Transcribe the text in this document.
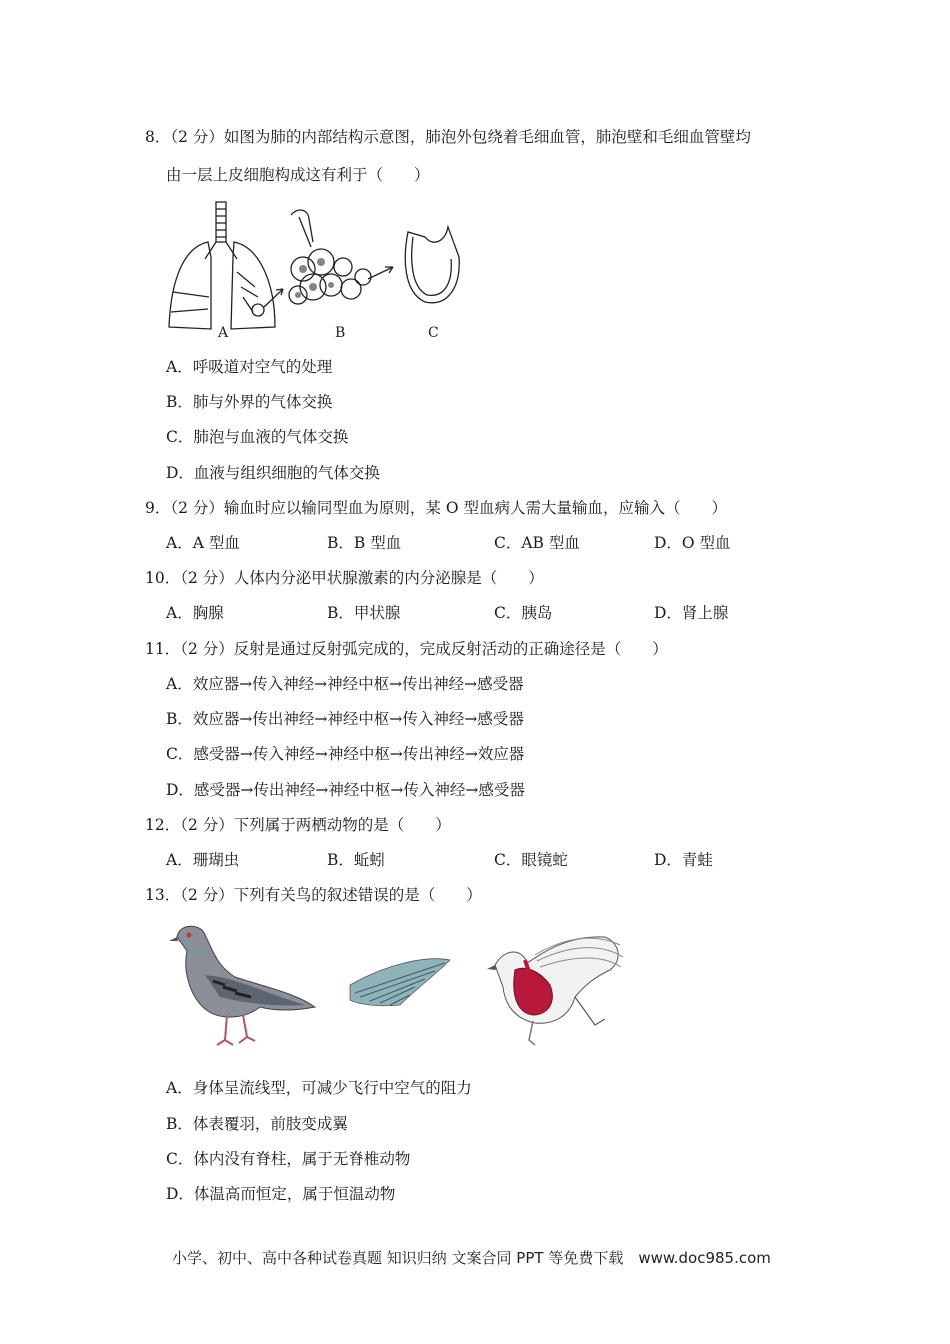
8．（2 分）如图为肺的内部结构示意图，肺泡外包绕着毛细血管，肺泡壁和毛细血管壁均
由一层上皮细胞构成这有利于（　　）
A	B	C
A．呼吸道对空气的处理
B．肺与外界的气体交换
C．肺泡与血液的气体交换
D．血液与组织细胞的气体交换
9．（2 分）输血时应以输同型血为原则，某 O 型血病人需大量输血，应输入（　　）
A．A 型血	B．B 型血	C．AB 型血	D．O 型血
10．（2 分）人体内分泌甲状腺激素的内分泌腺是（　　）
A．胸腺	B．甲状腺	C．胰岛	D．肾上腺
11．（2 分）反射是通过反射弧完成的，完成反射活动的正确途径是（　　）
A．效应器→传入神经→神经中枢→传出神经→感受器
B．效应器→传出神经→神经中枢→传入神经→感受器
C．感受器→传入神经→神经中枢→传出神经→效应器
D．感受器→传出神经→神经中枢→传入神经→感受器
12．（2 分）下列属于两栖动物的是（　　）
A．珊瑚虫	B．蚯蚓	C．眼镜蛇	D．青蛙
13．（2 分）下列有关鸟的叙述错误的是（　　）
A．身体呈流线型，可减少飞行中空气的阻力
B．体表覆羽，前肢变成翼
C．体内没有脊柱，属于无脊椎动物
D．体温高而恒定，属于恒温动物
小学、初中、高中各种试卷真题 知识归纳 文案合同 PPT 等免费下载　www.doc985.com
